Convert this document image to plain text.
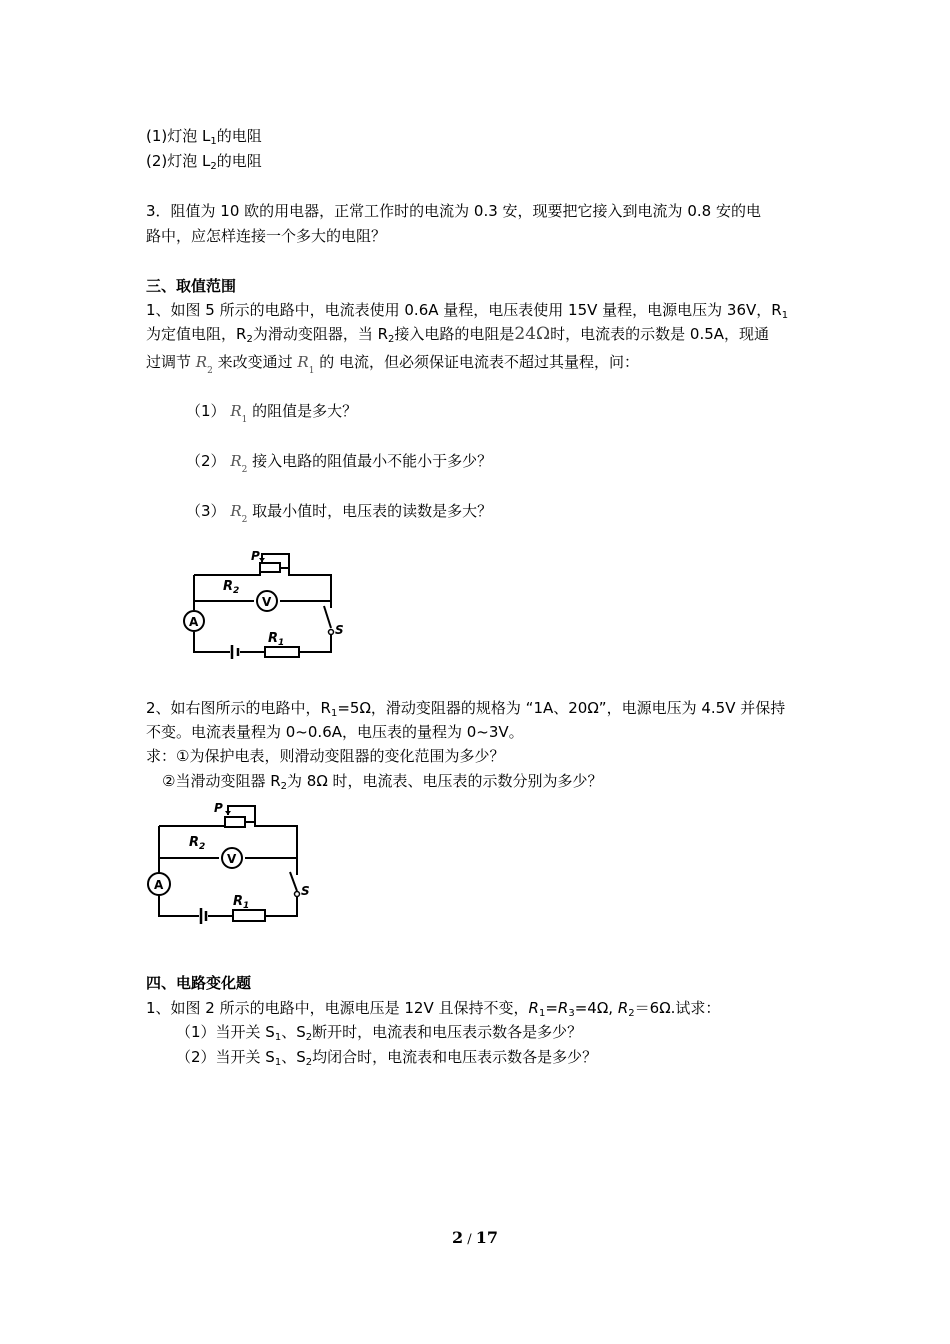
(1)灯泡 $L_1$的电阻
(2)灯泡 $L_2$的电阻
3．阻值为 10 欧的用电器，正常工作时的电流为 0.3 安，现要把它接入到电流为 0.8 安的电
路中，应怎样连接一个多大的电阻？
三、取值范围
1、如图 5 所示的电路中，电流表使用 0.6A 量程，电压表使用 15V 量程，电源电压为 36V，$R_1$
为定值电阻，$R_2$为滑动变阻器，当 $R_2$接入电路的电阻是24Ω时，电流表的示数是 0.5A，现通
过调节 $R_2$ 来改变通过 $R_1$ 的 电流，但必须保证电流表不超过其量程，问：
（1） $R_1$ 的阻值是多大？
（2） $R_2$ 接入电路的阻值最小不能小于多少？
（3） $R_2$ 取最小值时，电压表的读数是多大？
P
$R_2$
V
A
$R_1$
S
2、如右图所示的电路中，$R_1=5\Omega$，滑动变阻器的规格为 “1A、20Ω”，电源电压为 4.5V 并保持
不变。电流表量程为 0~0.6A，电压表的量程为 0~3V。
求：①为保护电表，则滑动变阻器的变化范围为多少？
②当滑动变阻器 $R_2$为 8Ω 时，电流表、电压表的示数分别为多少？
P
$R_2$
V
A
$R_1$
S
四、电路变化题
1、如图 2 所示的电路中，电源电压是 12V 且保持不变，$R_1=R_3=4\Omega$, $R_2=6\Omega$.试求：
（1）当开关 $S_1$、$S_2$断开时，电流表和电压表示数各是多少？
（2）当开关 $S_1$、$S_2$均闭合时，电流表和电压表示数各是多少？
2 / 17
